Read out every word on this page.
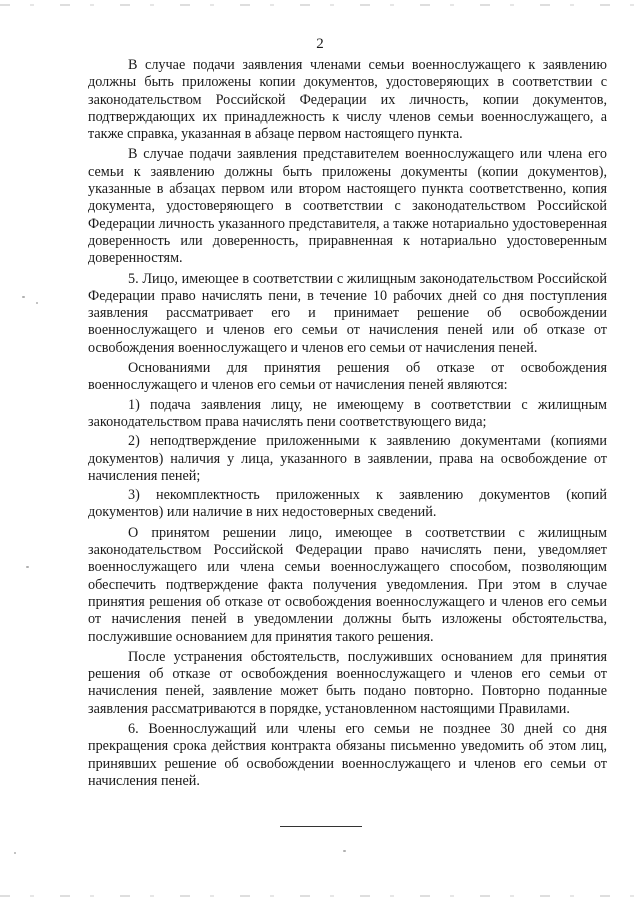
2

В случае подачи заявления членами семьи военнослужащего к заявлению должны быть приложены копии документов, удостоверяющих в соответствии с законодательством Российской Федерации их личность, копии документов, подтверждающих их принадлежность к числу членов семьи военнослужащего, а также справка, указанная в абзаце первом настоящего пункта.

В случае подачи заявления представителем военнослужащего или члена его семьи к заявлению должны быть приложены документы (копии документов), указанные в абзацах первом или втором настоящего пункта соответственно, копия документа, удостоверяющего в соответствии с законодательством Российской Федерации личность указанного представителя, а также нотариально удостоверенная доверенность или доверенность, приравненная к нотариально удостоверенным доверенностям.

5. Лицо, имеющее в соответствии с жилищным законодательством Российской Федерации право начислять пени, в течение 10 рабочих дней со дня поступления заявления рассматривает его и принимает решение об освобождении военнослужащего и членов его семьи от начисления пеней или об отказе от освобождения военнослужащего и членов его семьи от начисления пеней.

Основаниями для принятия решения об отказе от освобождения военнослужащего и членов его семьи от начисления пеней являются:

1) подача заявления лицу, не имеющему в соответствии с жилищным законодательством права начислять пени соответствующего вида;

2) неподтверждение приложенными к заявлению документами (копиями документов) наличия у лица, указанного в заявлении, права на освобождение от начисления пеней;

3) некомплектность приложенных к заявлению документов (копий документов) или наличие в них недостоверных сведений.

О принятом решении лицо, имеющее в соответствии с жилищным законодательством Российской Федерации право начислять пени, уведомляет военнослужащего или члена семьи военнослужащего способом, позволяющим обеспечить подтверждение факта получения уведомления. При этом в случае принятия решения об отказе от освобождения военнослужащего и членов его семьи от начисления пеней в уведомлении должны быть изложены обстоятельства, послужившие основанием для принятия такого решения.

После устранения обстоятельств, послуживших основанием для принятия решения об отказе от освобождения военнослужащего и членов его семьи от начисления пеней, заявление может быть подано повторно. Повторно поданные заявления рассматриваются в порядке, установленном настоящими Правилами.

6. Военнослужащий или члены его семьи не позднее 30 дней со дня прекращения срока действия контракта обязаны письменно уведомить об этом лиц, принявших решение об освобождении военнослужащего и членов его семьи от начисления пеней.
